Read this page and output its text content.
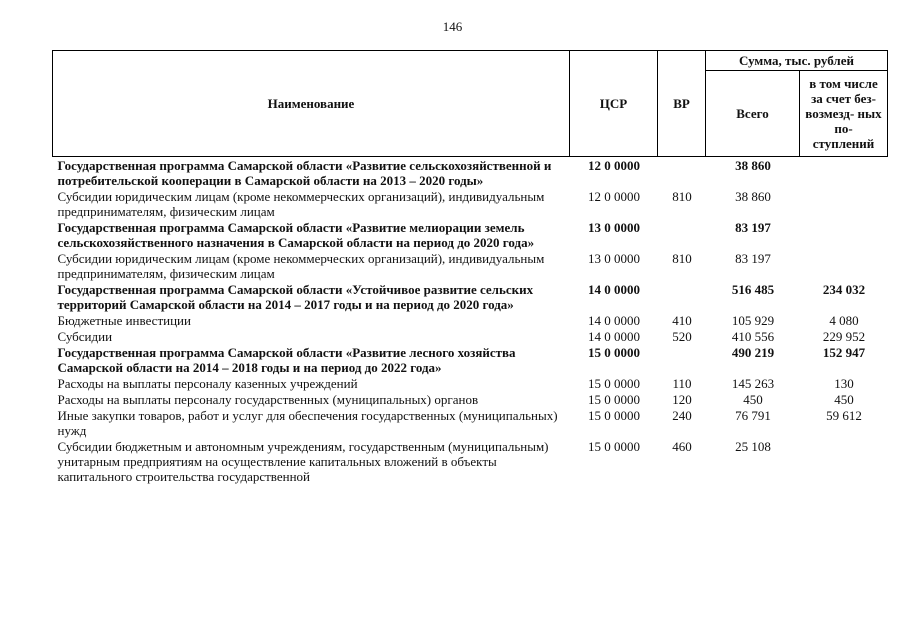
146
Наименование	ЦСР	ВР	Сумма, тыс. рублей	
			Всего	в том числе за счет без- возмезд- ных по- ступлений
Государственная программа Самарской области «Развитие сельскохозяйственной и потребительской кооперации в Самарской области на 2013 – 2020 годы»	12 0 0000		38 860	
Субсидии юридическим лицам (кроме некоммерческих организаций), индивидуальным предпринимателям, физическим лицам	12 0 0000	810	38 860	
Государственная программа Самарской области «Развитие мелиорации земель сельскохозяйственного назначения в Самарской области на период до 2020 года»	13 0 0000		83 197	
Субсидии юридическим лицам (кроме некоммерческих организаций), индивидуальным предпринимателям, физическим лицам	13 0 0000	810	83 197	
Государственная программа Самарской области «Устойчивое развитие сельских территорий Самарской области на 2014 – 2017 годы и на период до 2020 года»	14 0 0000		516 485	234 032
Бюджетные инвестиции	14 0 0000	410	105 929	4 080
Субсидии	14 0 0000	520	410 556	229 952
Государственная программа Самарской области «Развитие лесного хозяйства Самарской области на 2014 – 2018 годы и на период до 2022 года»	15 0 0000		490 219	152 947
Расходы на выплаты персоналу казенных учреждений	15 0 0000	110	145 263	130
Расходы на выплаты персоналу государственных (муниципальных) органов	15 0 0000	120	450	450
Иные закупки товаров, работ и услуг для обеспечения государственных (муниципальных) нужд	15 0 0000	240	76 791	59 612
Субсидии бюджетным и автономным учреждениям, государственным (муниципальным) унитарным предприятиям на осуществление капитальных вложений в объекты капитального строительства государственной	15 0 0000	460	25 108	
